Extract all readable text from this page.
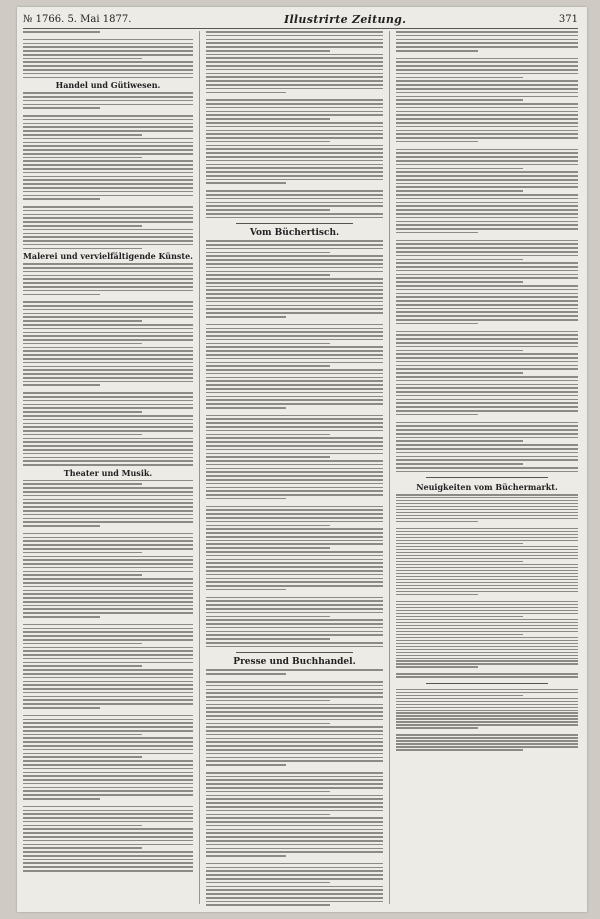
№ 1766. 5. Mai 1877.	Illustrirte Zeitung.	371
Handel und Gütiwesen.
Malerei und vervielfältigende Künste.
Theater und Musik.
Vom Büchertisch.
Presse und Buchhandel.
Neuigkeiten vom Büchermarkt.
